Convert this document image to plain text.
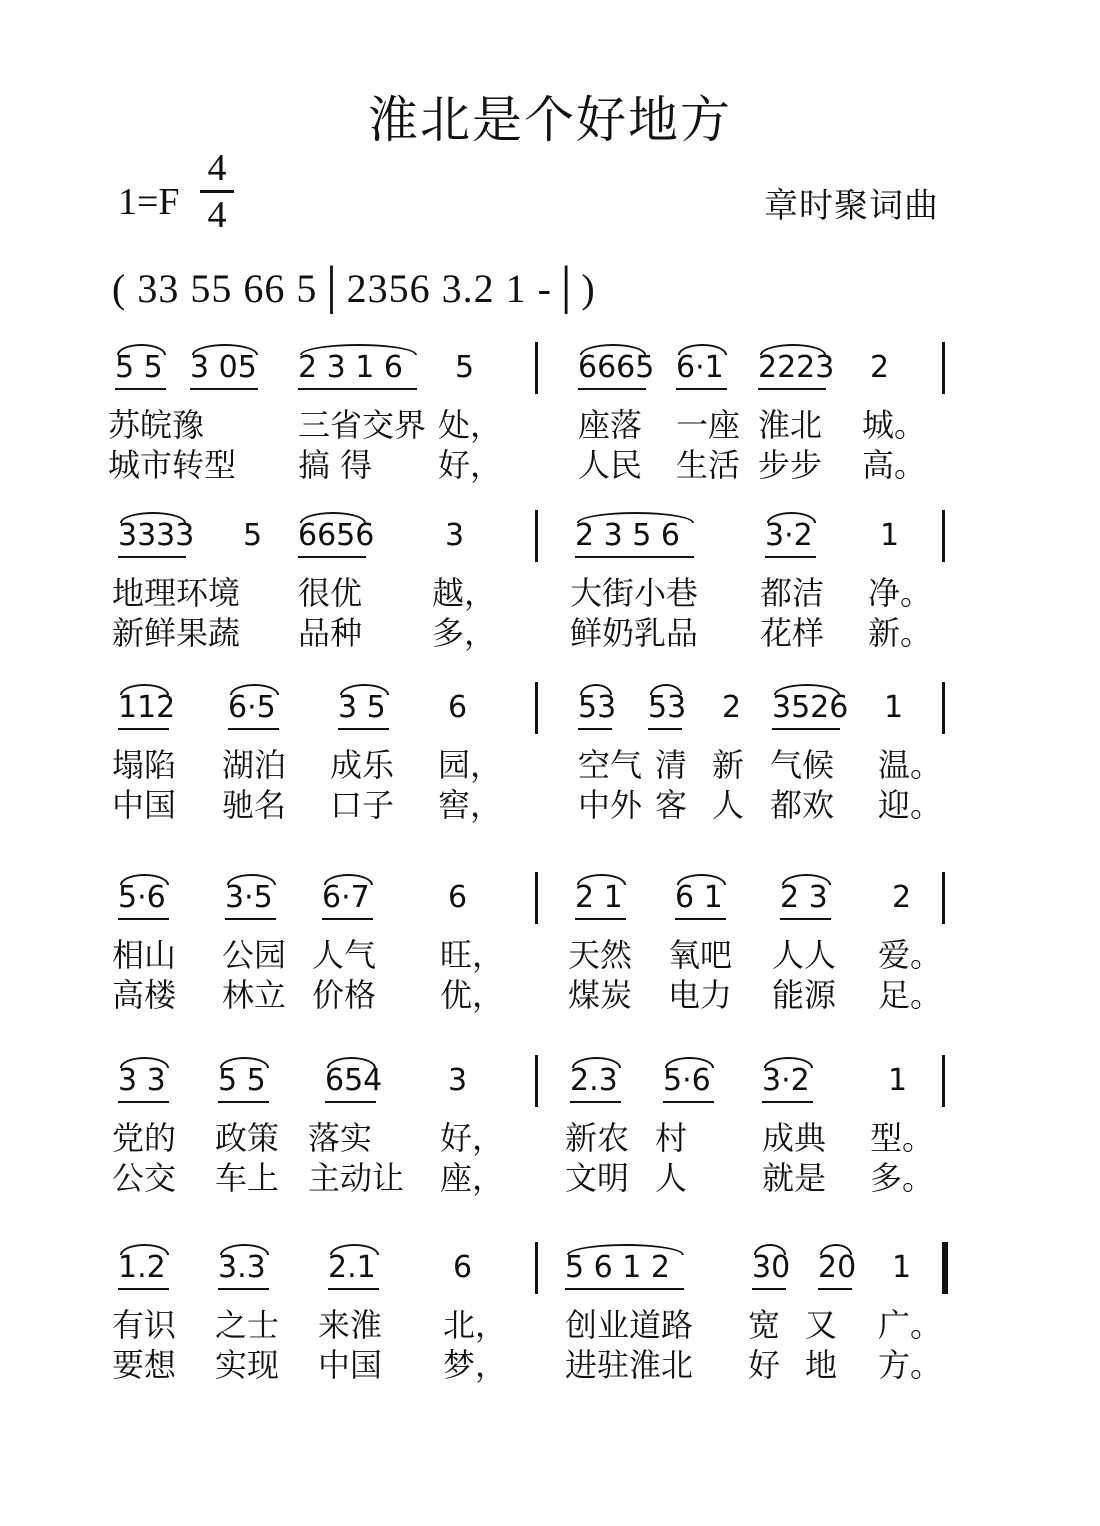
淮北是个好地方
1=F
4
4	章时聚词曲
( 33 55 66 5│2356 3.2 1 -│)
5 5 3 05 2 3 1 6 5	6665 6·1 2223 2
苏皖豫	三省交界 处， 座落 一座 淮北 城。
城市转型 搞 得 好， 人民 生活 步步 高。
3333 5 6656 3	2 3 5 6	3·2 1
地理环境 很优 越， 大街小巷 都洁 净。
新鲜果蔬 品种 多， 鲜奶乳品 花样 新。
112 6·5 3 5 6	53 53 2 3526 1
塌陷 湖泊 成乐 园， 空气 清 新 气候 温。
中国 驰名 口子 窖， 中外 客 人 都欢 迎。
5·6 3·5 6·7	6	2 1 6 1 2 3 2
相山 公园 人气 旺， 天然 氧吧 人人 爱。
高楼 林立 价格 优， 煤炭 电力 能源 足。
3 3 5 5 654 3	2.3 5·6 3·2	1
党的 政策 落实 好， 新农 村 成典 型。
公交 车上 主动让 座， 文明 人 就是 多。
1.2 3.3 2.1	6	5 6 1 2	30 20 1
有识 之士 来淮 北， 创业道路 宽 又 广。
要想 实现 中国 梦， 进驻淮北 好 地 方。
